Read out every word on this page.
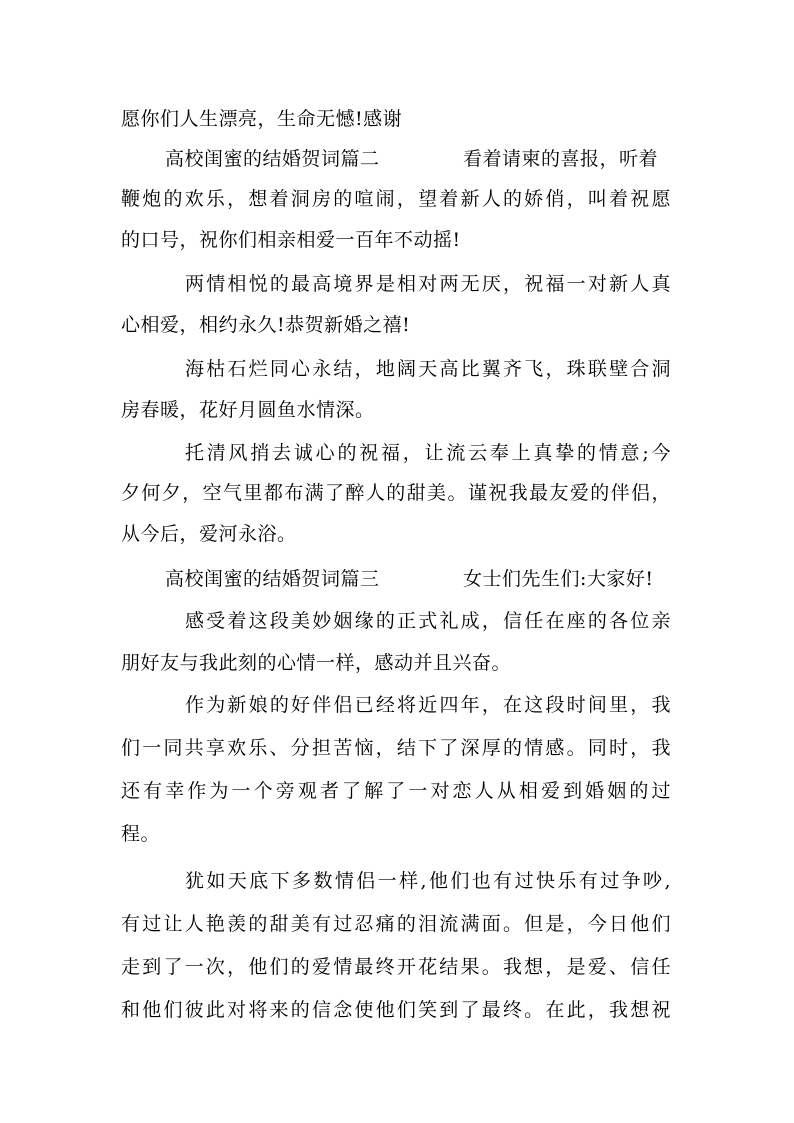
愿你们人生漂亮，生命无憾!感谢
高校闺蜜的结婚贺词篇二	看着请柬的喜报，听着
鞭炮的欢乐，想着洞房的喧闹，望着新人的娇俏，叫着祝愿
的口号，祝你们相亲相爱一百年不动摇!
两情相悦的最高境界是相对两无厌，祝福一对新人真
心相爱，相约永久!恭贺新婚之禧!
海枯石烂同心永结，地阔天高比翼齐飞，珠联壁合洞
房春暖，花好月圆鱼水情深。
托清风捎去诚心的祝福，让流云奉上真挚的情意;今
夕何夕，空气里都布满了醉人的甜美。谨祝我最友爱的伴侣，
从今后，爱河永浴。
高校闺蜜的结婚贺词篇三	女士们先生们:大家好!
感受着这段美妙姻缘的正式礼成，信任在座的各位亲
朋好友与我此刻的心情一样，感动并且兴奋。
作为新娘的好伴侣已经将近四年，在这段时间里，我
们一同共享欢乐、分担苦恼，结下了深厚的情感。同时，我
还有幸作为一个旁观者了解了一对恋人从相爱到婚姻的过
程。
犹如天底下多数情侣一样,他们也有过快乐有过争吵,
有过让人艳羡的甜美有过忍痛的泪流满面。但是，今日他们
走到了一次，他们的爱情最终开花结果。我想，是爱、信任
和他们彼此对将来的信念使他们笑到了最终。在此，我想祝
